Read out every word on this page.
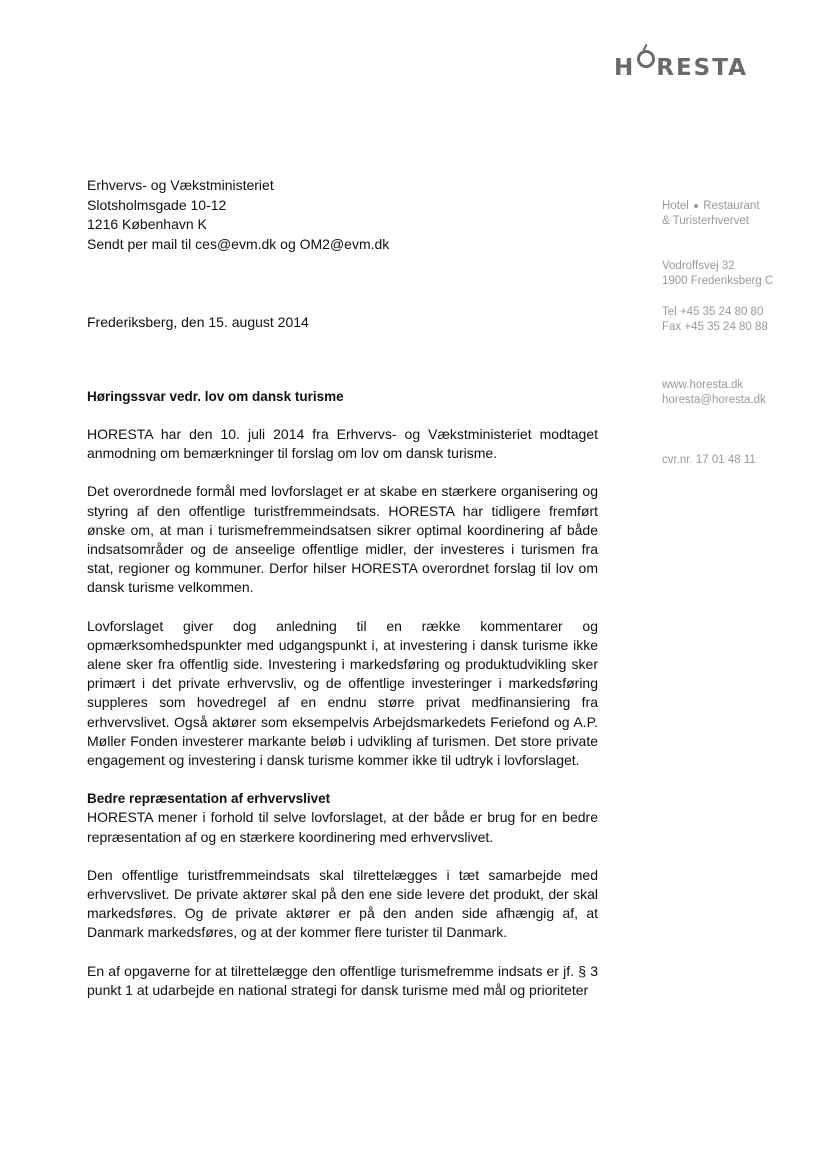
H RESTA
Erhvervs- og Vækstministeriet
Slotsholmsgade 10-12
1216 København K
Sendt per mail til ces@evm.dk og OM2@evm.dk
Hotel Restaurant
& Turisterhvervet
Vodroffsvej 32
1900 Frederiksberg C
Tel +45 35 24 80 80
Fax +45 35 24 80 88
www.horesta.dk
horesta@horesta.dk
cvr.nr. 17 01 48 11
Frederiksberg, den 15. august 2014
Høringssvar vedr. lov om dansk turisme

HORESTA har den 10. juli 2014 fra Erhvervs- og Vækstministeriet modtaget anmodning om bemærkninger til forslag om lov om dansk turisme.

Det overordnede formål med lovforslaget er at skabe en stærkere organisering og styring af den offentlige turistfremmeindsats. HORESTA har tidligere fremført ønske om, at man i turismefremmeindsatsen sikrer optimal koordinering af både indsatsområder og de anseelige offentlige midler, der investeres i turismen fra stat, regioner og kommuner. Derfor hilser HORESTA overordnet forslag til lov om dansk turisme velkommen.

Lovforslaget giver dog anledning til en række kommentarer og opmærksomhedspunkter med udgangspunkt i, at investering i dansk turisme ikke alene sker fra offentlig side. Investering i markedsføring og produktudvikling sker primært i det private erhvervsliv, og de offentlige investeringer i markedsføring suppleres som hovedregel af en endnu større privat medfinansiering fra erhvervslivet. Også aktører som eksempelvis Arbejdsmarkedets Feriefond og A.P. Møller Fonden investerer markante beløb i udvikling af turismen. Det store private engagement og investering i dansk turisme kommer ikke til udtryk i lovforslaget.

Bedre repræsentation af erhvervslivet

HORESTA mener i forhold til selve lovforslaget, at der både er brug for en bedre repræsentation af og en stærkere koordinering med erhvervslivet.

Den offentlige turistfremmeindsats skal tilrettelægges i tæt samarbejde med erhvervslivet. De private aktører skal på den ene side levere det produkt, der skal markedsføres. Og de private aktører er på den anden side afhængig af, at Danmark markedsføres, og at der kommer flere turister til Danmark.

En af opgaverne for at tilrettelægge den offentlige turismefremme indsats er jf. § 3 punkt 1 at udarbejde en national strategi for dansk turisme med mål og prioriteter
